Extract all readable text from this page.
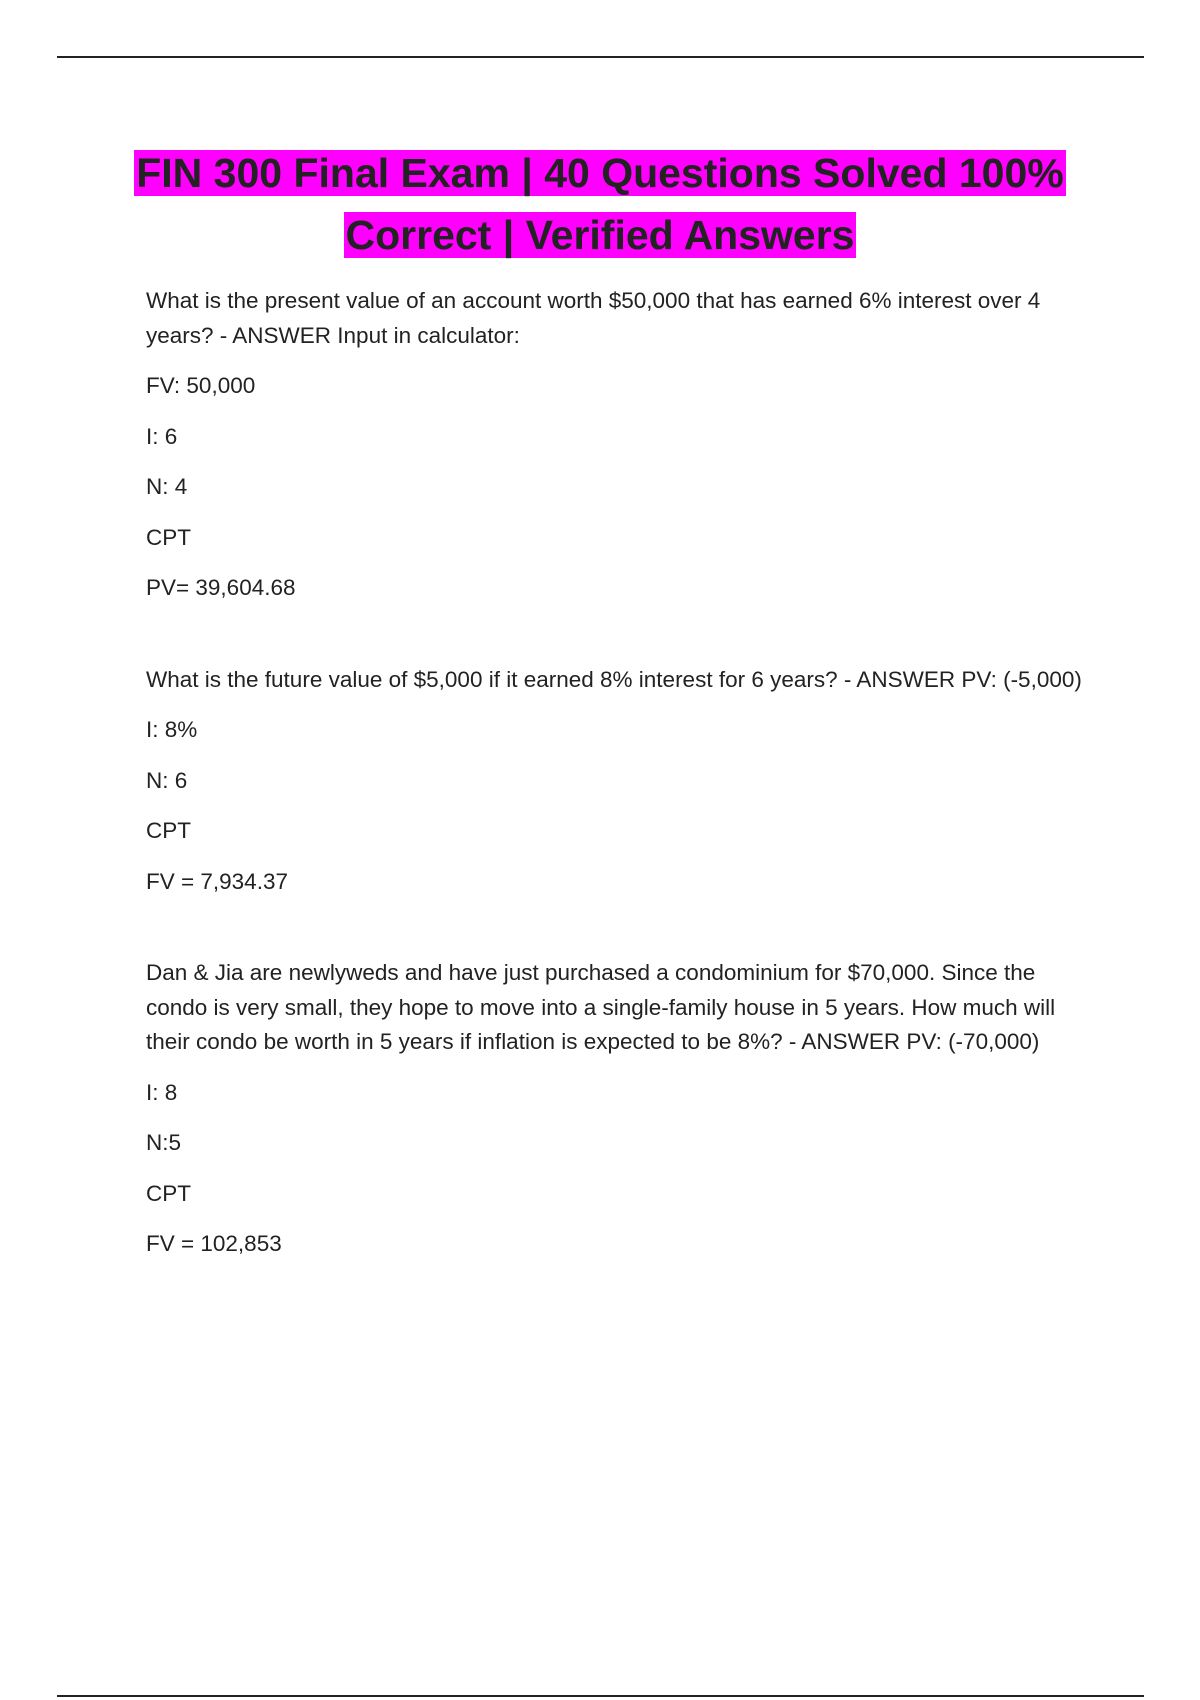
FIN 300 Final Exam | 40 Questions Solved 100%
Correct | Verified Answers

What is the present value of an account worth $50,000 that has earned 6% interest over 4 years? - ANSWER Input in calculator:

FV: 50,000

I: 6

N: 4

CPT

PV= 39,604.68

What is the future value of $5,000 if it earned 8% interest for 6 years? - ANSWER PV: (-5,000)

I: 8%

N: 6

CPT

FV = 7,934.37

Dan & Jia are newlyweds and have just purchased a condominium for $70,000. Since the condo is very small, they hope to move into a single-family house in 5 years. How much will their condo be worth in 5 years if inflation is expected to be 8%? - ANSWER PV: (-70,000)

I: 8

N:5

CPT

FV = 102,853
